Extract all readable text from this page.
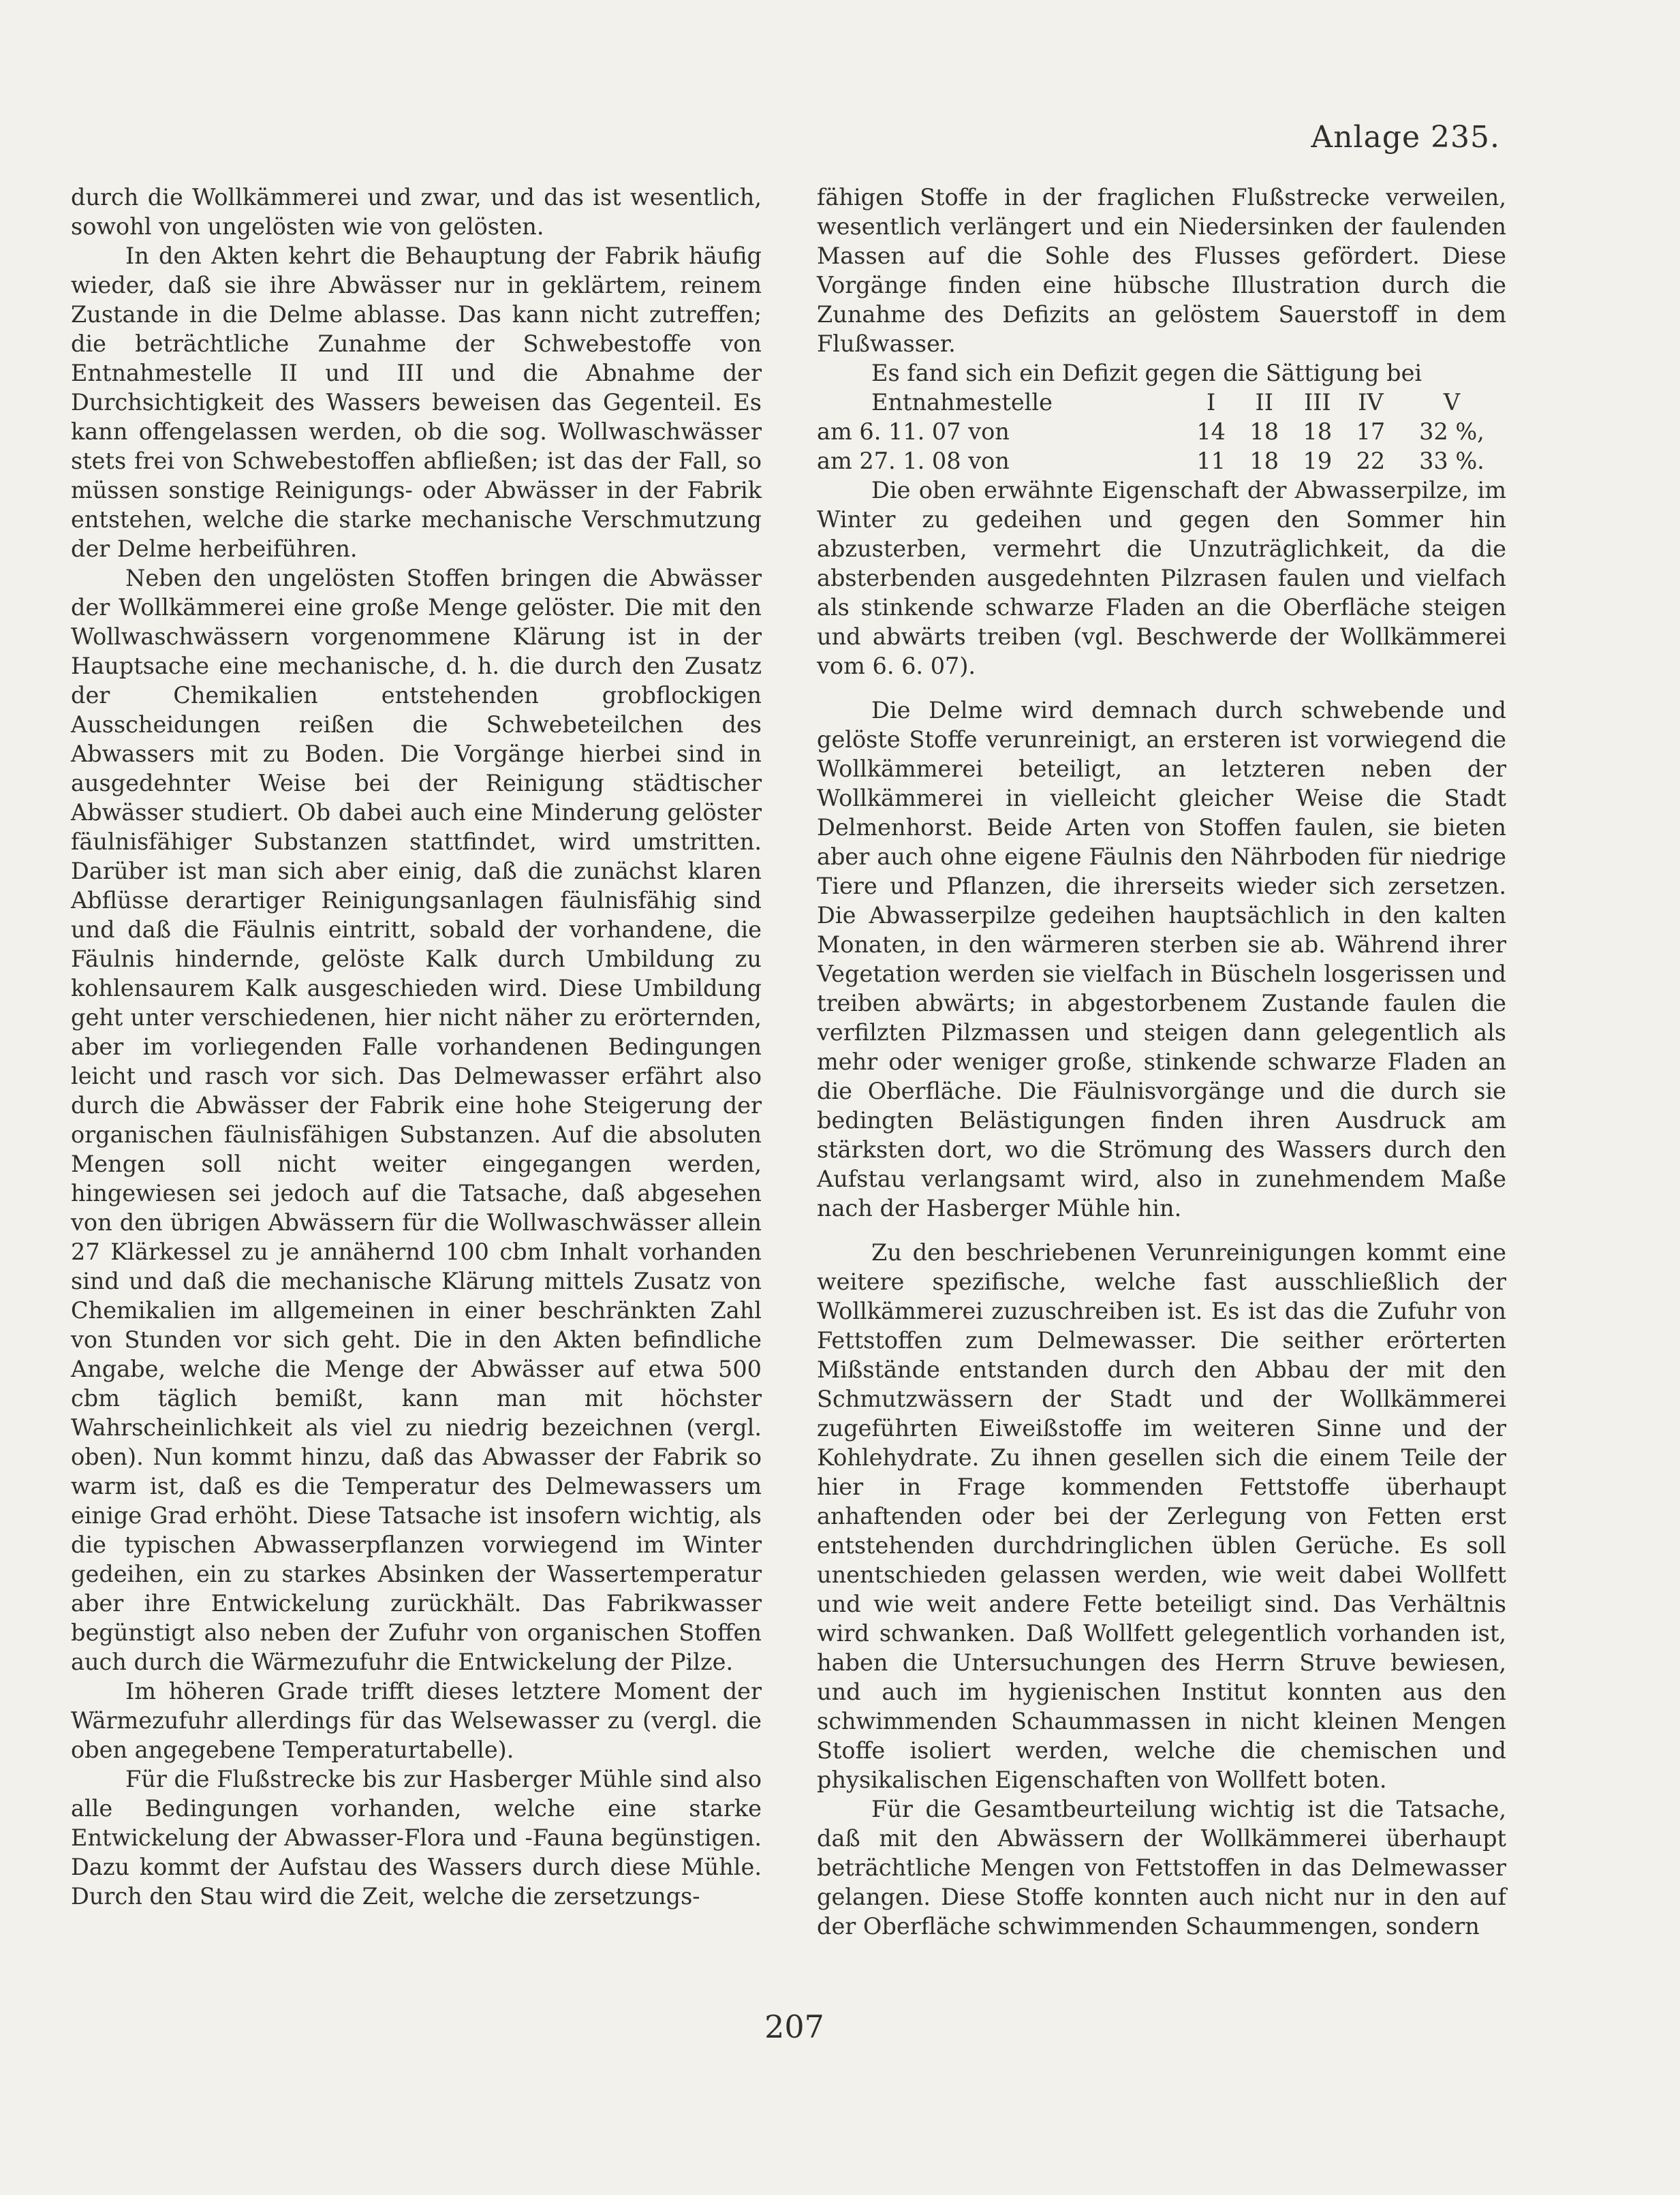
Anlage 235.

durch die Wollkämmerei und zwar, und das ist wesentlich, sowohl von ungelösten wie von gelösten.

In den Akten kehrt die Behauptung der Fabrik häufig wieder, daß sie ihre Abwässer nur in geklärtem, reinem Zustande in die Delme ablasse. Das kann nicht zutreffen; die beträchtliche Zunahme der Schwebestoffe von Entnahmestelle II und III und die Abnahme der Durchsichtigkeit des Wassers beweisen das Gegenteil. Es kann offengelassen werden, ob die sog. Wollwaschwässer stets frei von Schwebestoffen abfließen; ist das der Fall, so müssen sonstige Reinigungs- oder Abwässer in der Fabrik entstehen, welche die starke mechanische Verschmutzung der Delme herbeiführen.

Neben den ungelösten Stoffen bringen die Abwässer der Wollkämmerei eine große Menge gelöster. Die mit den Wollwaschwässern vorgenommene Klärung ist in der Hauptsache eine mechanische, d. h. die durch den Zusatz der Chemikalien entstehenden grobflockigen Ausscheidungen reißen die Schwebeteilchen des Abwassers mit zu Boden. Die Vorgänge hierbei sind in ausgedehnter Weise bei der Reinigung städtischer Abwässer studiert. Ob dabei auch eine Minderung gelöster fäulnisfähiger Substanzen stattfindet, wird umstritten. Darüber ist man sich aber einig, daß die zunächst klaren Abflüsse derartiger Reinigungsanlagen fäulnisfähig sind und daß die Fäulnis eintritt, sobald der vorhandene, die Fäulnis hindernde, gelöste Kalk durch Umbildung zu kohlensaurem Kalk ausgeschieden wird. Diese Umbildung geht unter verschiedenen, hier nicht näher zu erörternden, aber im vorliegenden Falle vorhandenen Bedingungen leicht und rasch vor sich. Das Delmewasser erfährt also durch die Abwässer der Fabrik eine hohe Steigerung der organischen fäulnisfähigen Substanzen. Auf die absoluten Mengen soll nicht weiter eingegangen werden, hingewiesen sei jedoch auf die Tatsache, daß abgesehen von den übrigen Abwässern für die Wollwaschwässer allein 27 Klärkessel zu je annähernd 100 cbm Inhalt vorhanden sind und daß die mechanische Klärung mittels Zusatz von Chemikalien im allgemeinen in einer beschränkten Zahl von Stunden vor sich geht. Die in den Akten befindliche Angabe, welche die Menge der Abwässer auf etwa 500 cbm täglich bemißt, kann man mit höchster Wahrscheinlichkeit als viel zu niedrig bezeichnen (vergl. oben). Nun kommt hinzu, daß das Abwasser der Fabrik so warm ist, daß es die Temperatur des Delmewassers um einige Grad erhöht. Diese Tatsache ist insofern wichtig, als die typischen Abwasserpflanzen vorwiegend im Winter gedeihen, ein zu starkes Absinken der Wassertemperatur aber ihre Entwickelung zurückhält. Das Fabrikwasser begünstigt also neben der Zufuhr von organischen Stoffen auch durch die Wärmezufuhr die Entwickelung der Pilze.

Im höheren Grade trifft dieses letztere Moment der Wärmezufuhr allerdings für das Welsewasser zu (vergl. die oben angegebene Temperaturtabelle).

Für die Flußstrecke bis zur Hasberger Mühle sind also alle Bedingungen vorhanden, welche eine starke Entwickelung der Abwasser-Flora und -Fauna begünstigen. Dazu kommt der Aufstau des Wassers durch diese Mühle. Durch den Stau wird die Zeit, welche die zersetzungs-

fähigen Stoffe in der fraglichen Flußstrecke verweilen, wesentlich verlängert und ein Niedersinken der faulenden Massen auf die Sohle des Flusses gefördert. Diese Vorgänge finden eine hübsche Illustration durch die Zunahme des Defizits an gelöstem Sauerstoff in dem Flußwasser.

Es fand sich ein Defizit gegen die Sättigung bei

Entnahmestelle	I	II	III	IV	V
am 6. 11. 07 von	14	18	18	17	32 %,
am 27. 1. 08 von	11	18	19	22	33 %.

Die oben erwähnte Eigenschaft der Abwasserpilze, im Winter zu gedeihen und gegen den Sommer hin abzusterben, vermehrt die Unzuträglichkeit, da die absterbenden ausgedehnten Pilzrasen faulen und vielfach als stinkende schwarze Fladen an die Oberfläche steigen und abwärts treiben (vgl. Beschwerde der Wollkämmerei vom 6. 6. 07).

Die Delme wird demnach durch schwebende und gelöste Stoffe verunreinigt, an ersteren ist vorwiegend die Wollkämmerei beteiligt, an letzteren neben der Wollkämmerei in vielleicht gleicher Weise die Stadt Delmenhorst. Beide Arten von Stoffen faulen, sie bieten aber auch ohne eigene Fäulnis den Nährboden für niedrige Tiere und Pflanzen, die ihrerseits wieder sich zersetzen. Die Abwasserpilze gedeihen hauptsächlich in den kalten Monaten, in den wärmeren sterben sie ab. Während ihrer Vegetation werden sie vielfach in Büscheln losgerissen und treiben abwärts; in abgestorbenem Zustande faulen die verfilzten Pilzmassen und steigen dann gelegentlich als mehr oder weniger große, stinkende schwarze Fladen an die Oberfläche. Die Fäulnisvorgänge und die durch sie bedingten Belästigungen finden ihren Ausdruck am stärksten dort, wo die Strömung des Wassers durch den Aufstau verlangsamt wird, also in zunehmendem Maße nach der Hasberger Mühle hin.

Zu den beschriebenen Verunreinigungen kommt eine weitere spezifische, welche fast ausschließlich der Wollkämmerei zuzuschreiben ist. Es ist das die Zufuhr von Fettstoffen zum Delmewasser. Die seither erörterten Mißstände entstanden durch den Abbau der mit den Schmutzwässern der Stadt und der Wollkämmerei zugeführten Eiweißstoffe im weiteren Sinne und der Kohlehydrate. Zu ihnen gesellen sich die einem Teile der hier in Frage kommenden Fettstoffe überhaupt anhaftenden oder bei der Zerlegung von Fetten erst entstehenden durchdringlichen üblen Gerüche. Es soll unentschieden gelassen werden, wie weit dabei Wollfett und wie weit andere Fette beteiligt sind. Das Verhältnis wird schwanken. Daß Wollfett gelegentlich vorhanden ist, haben die Untersuchungen des Herrn Struve bewiesen, und auch im hygienischen Institut konnten aus den schwimmenden Schaummassen in nicht kleinen Mengen Stoffe isoliert werden, welche die chemischen und physikalischen Eigenschaften von Wollfett boten.

Für die Gesamtbeurteilung wichtig ist die Tatsache, daß mit den Abwässern der Wollkämmerei überhaupt beträchtliche Mengen von Fettstoffen in das Delmewasser gelangen. Diese Stoffe konnten auch nicht nur in den auf der Oberfläche schwimmenden Schaummengen, sondern

207
